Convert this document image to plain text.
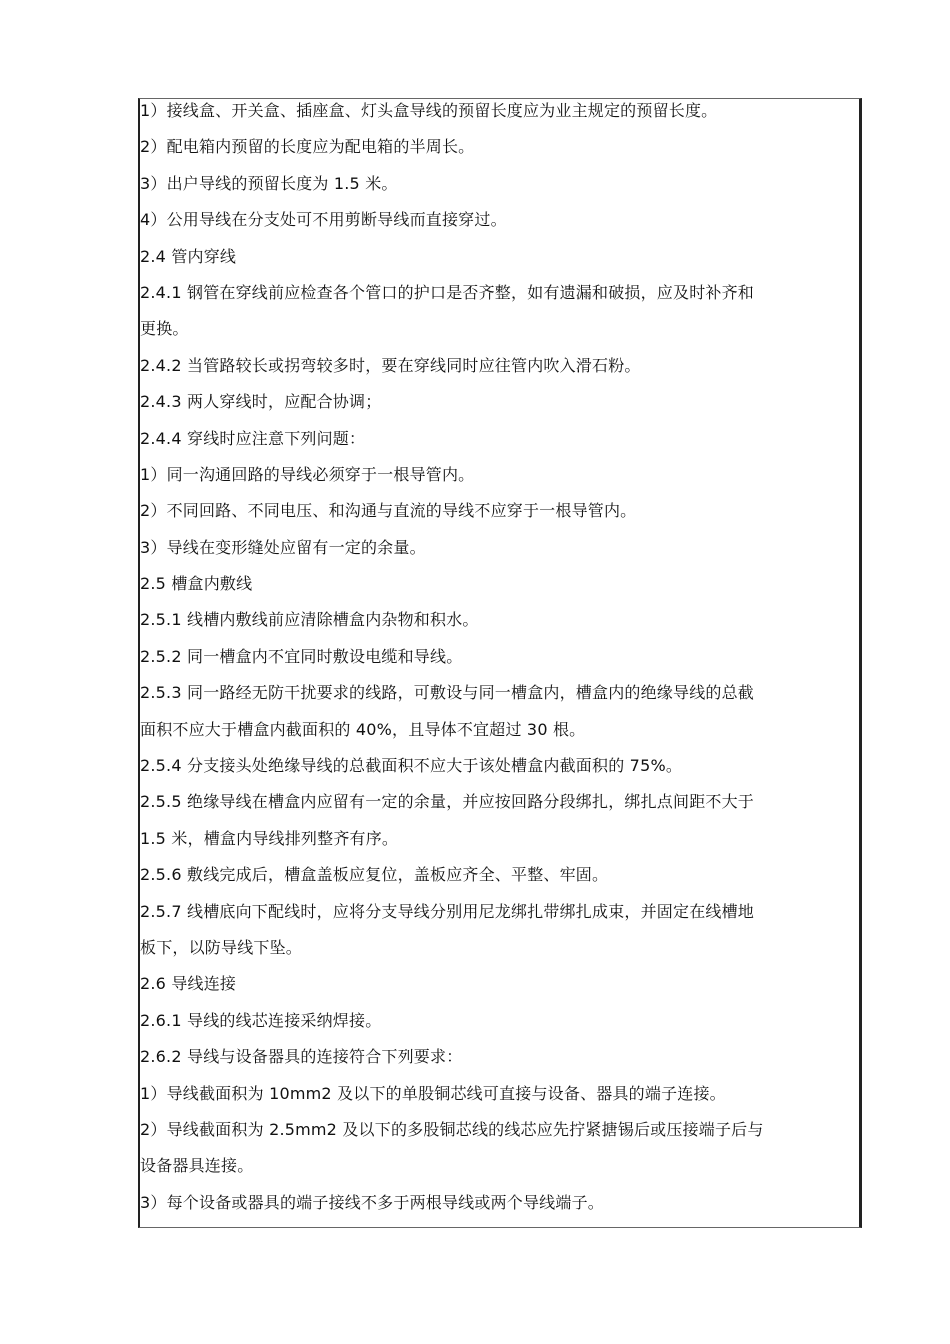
1）接线盒、开关盒、插座盒、灯头盒导线的预留长度应为业主规定的预留长度。
2）配电箱内预留的长度应为配电箱的半周长。
3）出户导线的预留长度为 1.5 米。
4）公用导线在分支处可不用剪断导线而直接穿过。
2.4 管内穿线
2.4.1 钢管在穿线前应检查各个管口的护口是否齐整，如有遗漏和破损，应及时补齐和
更换。
2.4.2 当管路较长或拐弯较多时，要在穿线同时应往管内吹入滑石粉。
2.4.3 两人穿线时，应配合协调；
2.4.4 穿线时应注意下列问题：
1）同一沟通回路的导线必须穿于一根导管内。
2）不同回路、不同电压、和沟通与直流的导线不应穿于一根导管内。
3）导线在变形缝处应留有一定的余量。
2.5 槽盒内敷线
2.5.1 线槽内敷线前应清除槽盒内杂物和积水。
2.5.2 同一槽盒内不宜同时敷设电缆和导线。
2.5.3 同一路经无防干扰要求的线路，可敷设与同一槽盒内，槽盒内的绝缘导线的总截
面积不应大于槽盒内截面积的 40%，且导体不宜超过 30 根。
2.5.4 分支接头处绝缘导线的总截面积不应大于该处槽盒内截面积的 75%。
2.5.5 绝缘导线在槽盒内应留有一定的余量，并应按回路分段绑扎，绑扎点间距不大于
1.5 米，槽盒内导线排列整齐有序。
2.5.6 敷线完成后，槽盒盖板应复位，盖板应齐全、平整、牢固。
2.5.7 线槽底向下配线时，应将分支导线分别用尼龙绑扎带绑扎成束，并固定在线槽地
板下，以防导线下坠。
2.6 导线连接
2.6.1 导线的线芯连接采纳焊接。
2.6.2 导线与设备器具的连接符合下列要求：
1）导线截面积为 10mm2 及以下的单股铜芯线可直接与设备、器具的端子连接。
2）导线截面积为 2.5mm2 及以下的多股铜芯线的线芯应先拧紧搪锡后或压接端子后与
设备器具连接。
3）每个设备或器具的端子接线不多于两根导线或两个导线端子。
